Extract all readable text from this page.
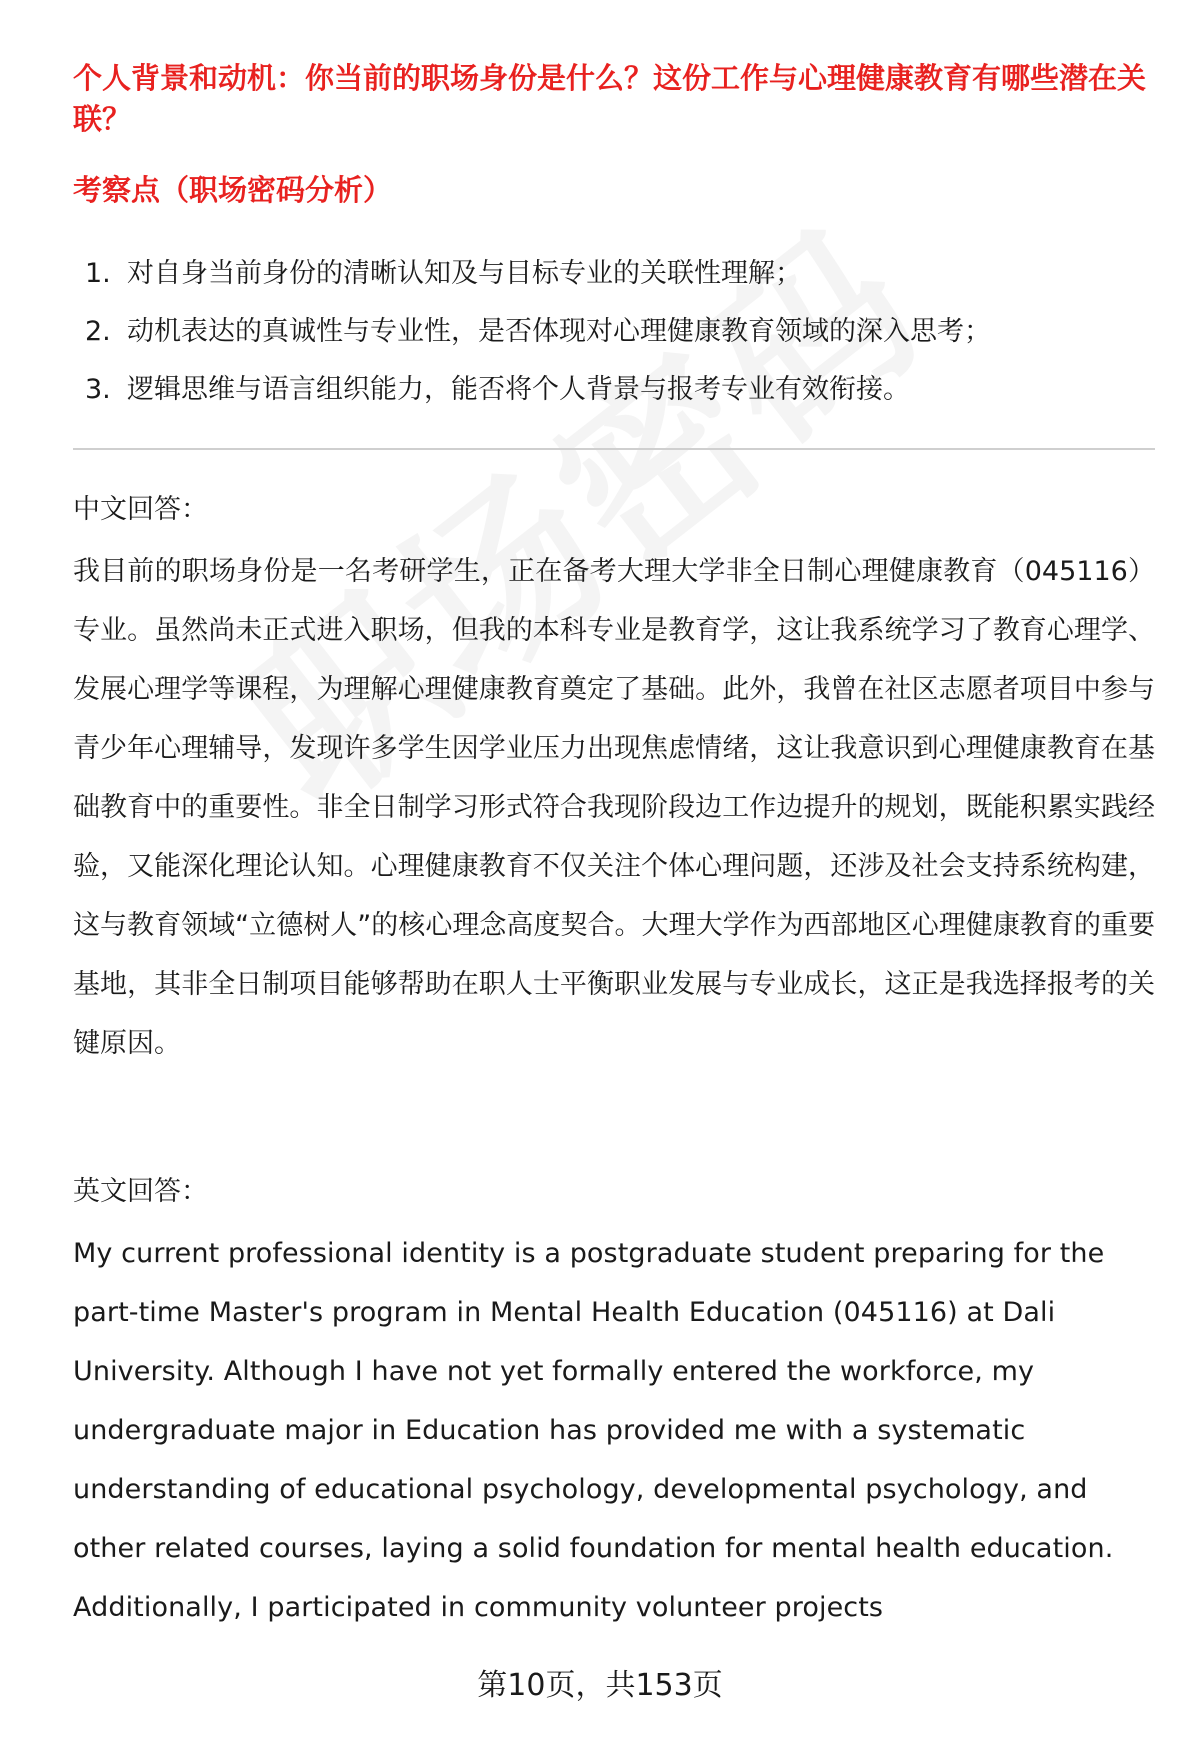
个人背景和动机：你当前的职场身份是什么？这份工作与心理健康教育有哪些潜在关联？
考察点（职场密码分析）
1. 对自身当前身份的清晰认知及与目标专业的关联性理解；
2. 动机表达的真诚性与专业性，是否体现对心理健康教育领域的深入思考；
3. 逻辑思维与语言组织能力，能否将个人背景与报考专业有效衔接。
中文回答：
我目前的职场身份是一名考研学生，正在备考大理大学非全日制心理健康教育（045116）专业。虽然尚未正式进入职场，但我的本科专业是教育学，这让我系统学习了教育心理学、发展心理学等课程，为理解心理健康教育奠定了基础。此外，我曾在社区志愿者项目中参与青少年心理辅导，发现许多学生因学业压力出现焦虑情绪，这让我意识到心理健康教育在基础教育中的重要性。非全日制学习形式符合我现阶段边工作边提升的规划，既能积累实践经验，又能深化理论认知。心理健康教育不仅关注个体心理问题，还涉及社会支持系统构建，这与教育领域“立德树人”的核心理念高度契合。大理大学作为西部地区心理健康教育的重要基地，其非全日制项目能够帮助在职人士平衡职业发展与专业成长，这正是我选择报考的关键原因。
英文回答：
My current professional identity is a postgraduate student preparing for the part-time Master's program in Mental Health Education (045116) at Dali University. Although I have not yet formally entered the workforce, my undergraduate major in Education has provided me with a systematic understanding of educational psychology, developmental psychology, and other related courses, laying a solid foundation for mental health education. Additionally, I participated in community volunteer projects
第10页，共153页
